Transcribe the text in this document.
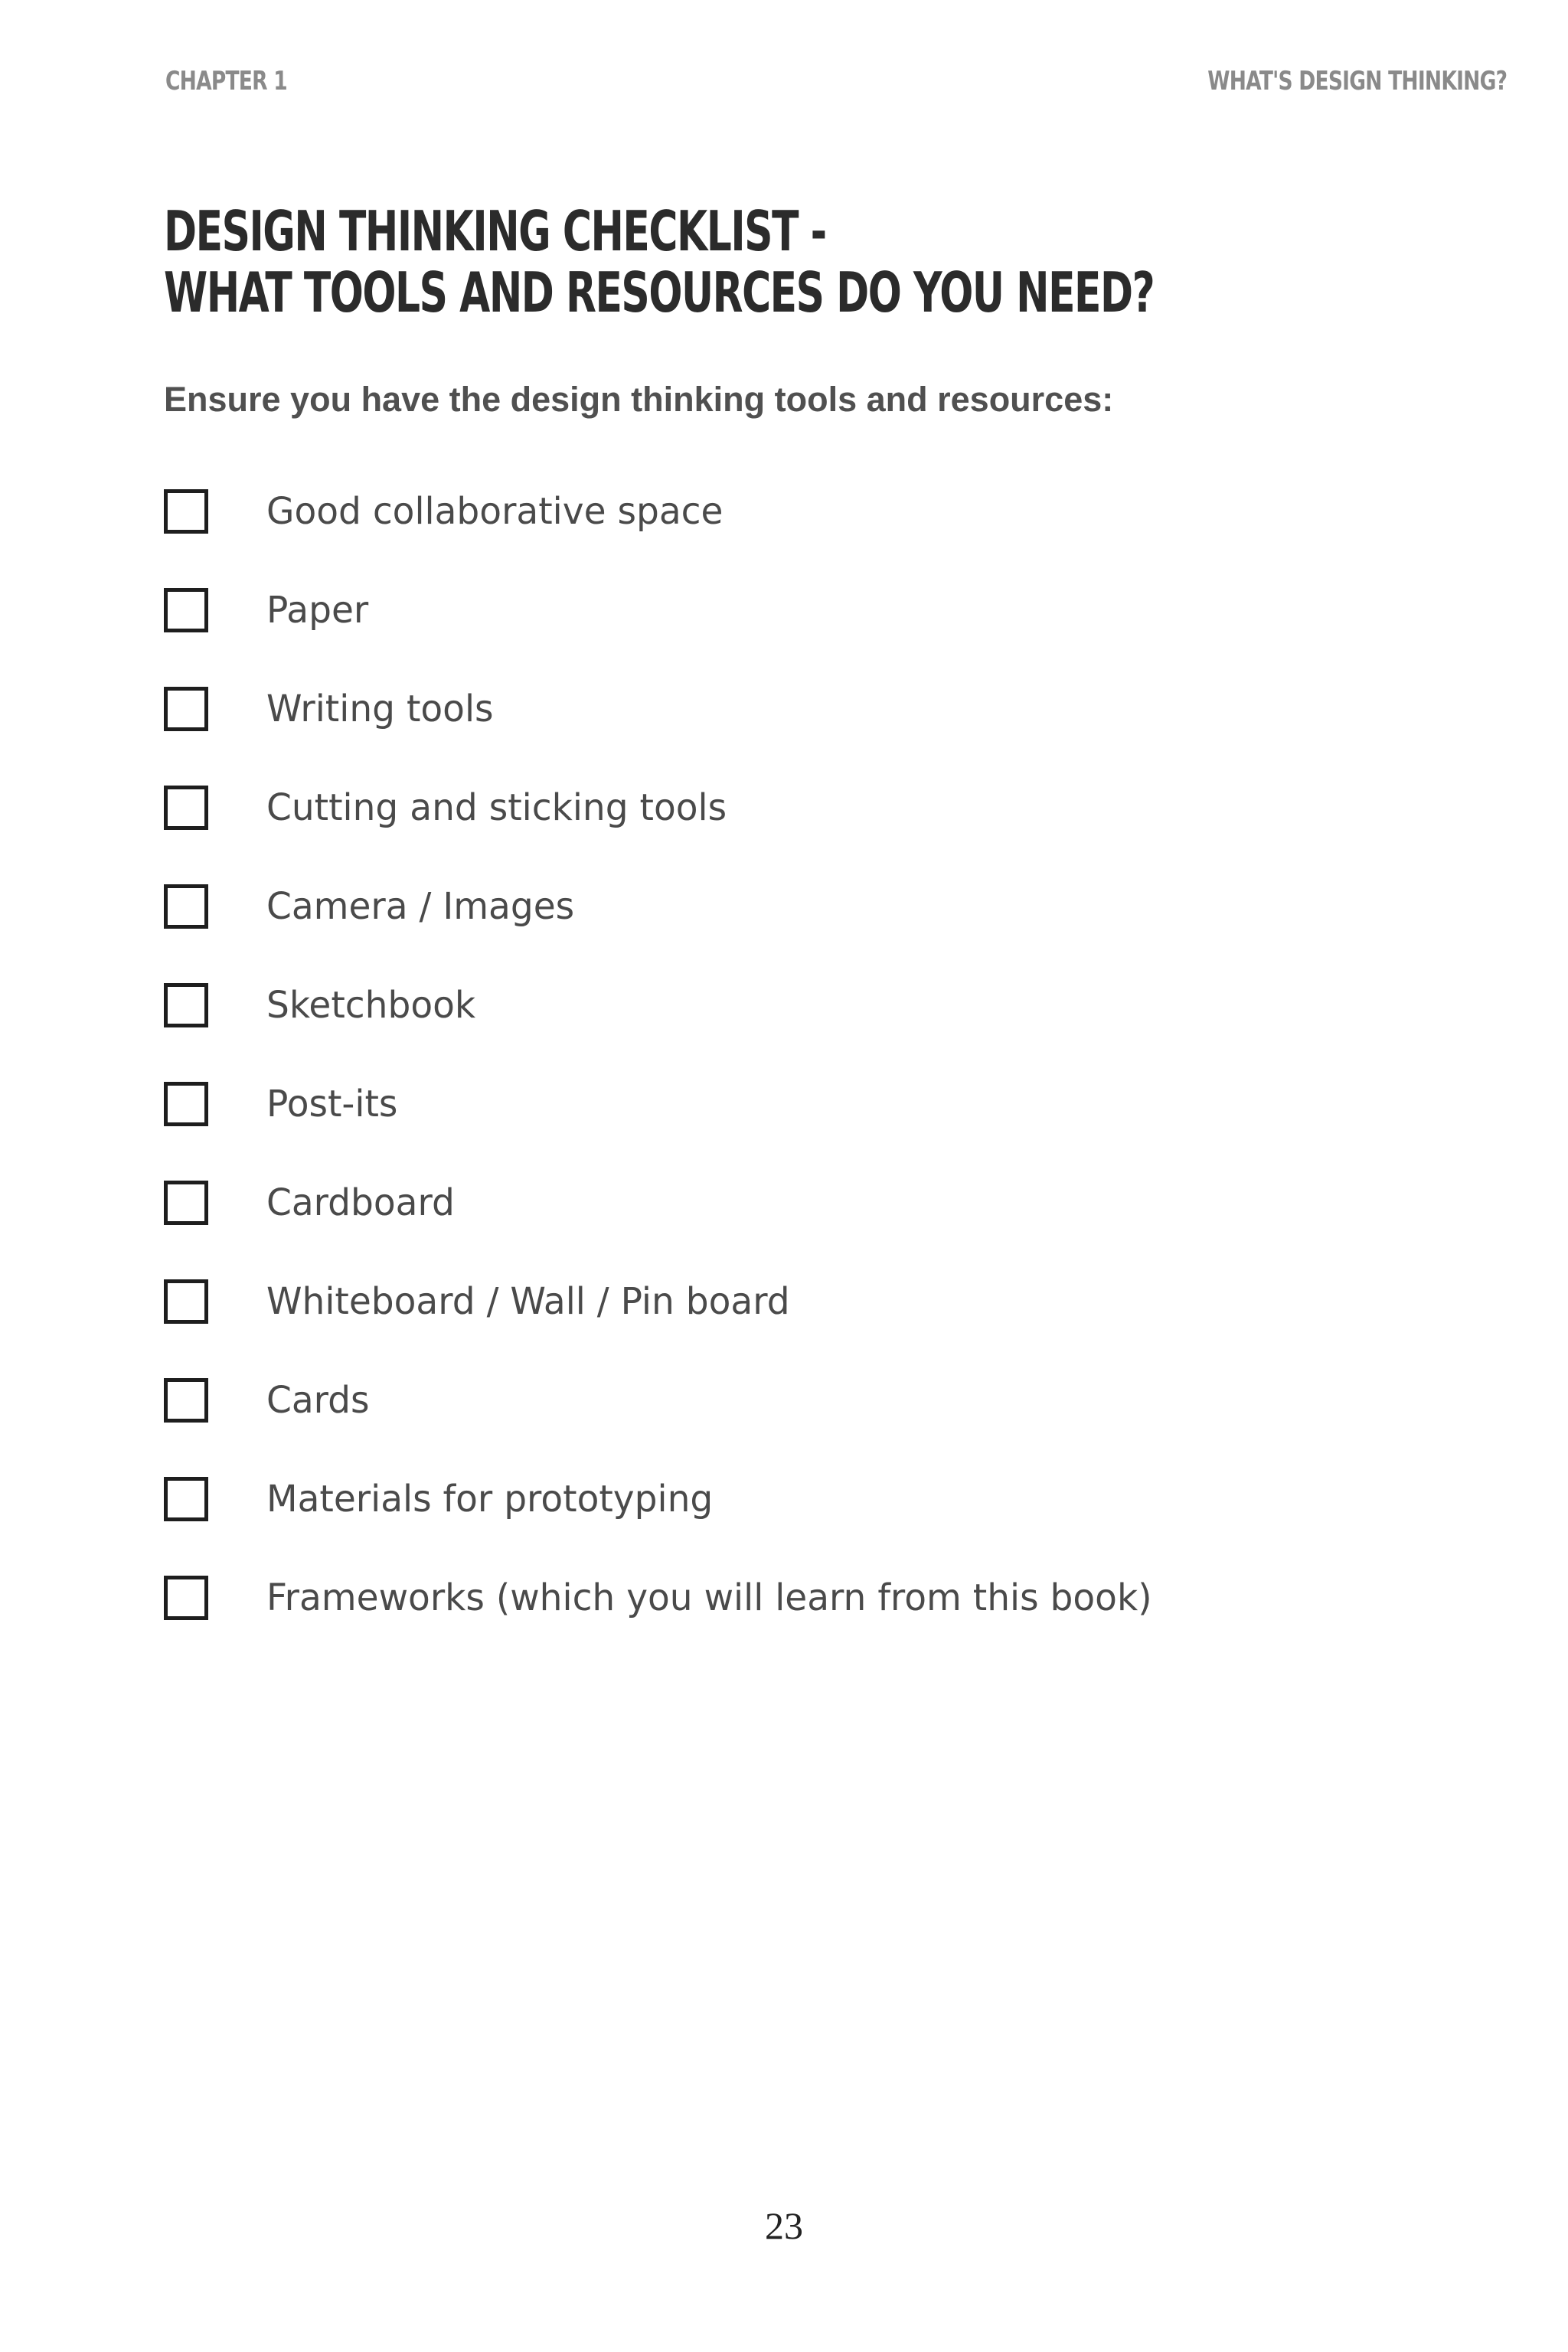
CHAPTER 1	WHAT'S DESIGN THINKING?
DESIGN THINKING CHECKLIST -
WHAT TOOLS AND RESOURCES DO YOU NEED?

Ensure you have the design thinking tools and resources:

Good collaborative space
Paper
Writing tools
Cutting and sticking tools
Camera / Images
Sketchbook
Post-its
Cardboard
Whiteboard / Wall / Pin board
Cards
Materials for prototyping
Frameworks (which you will learn from this book)
23
